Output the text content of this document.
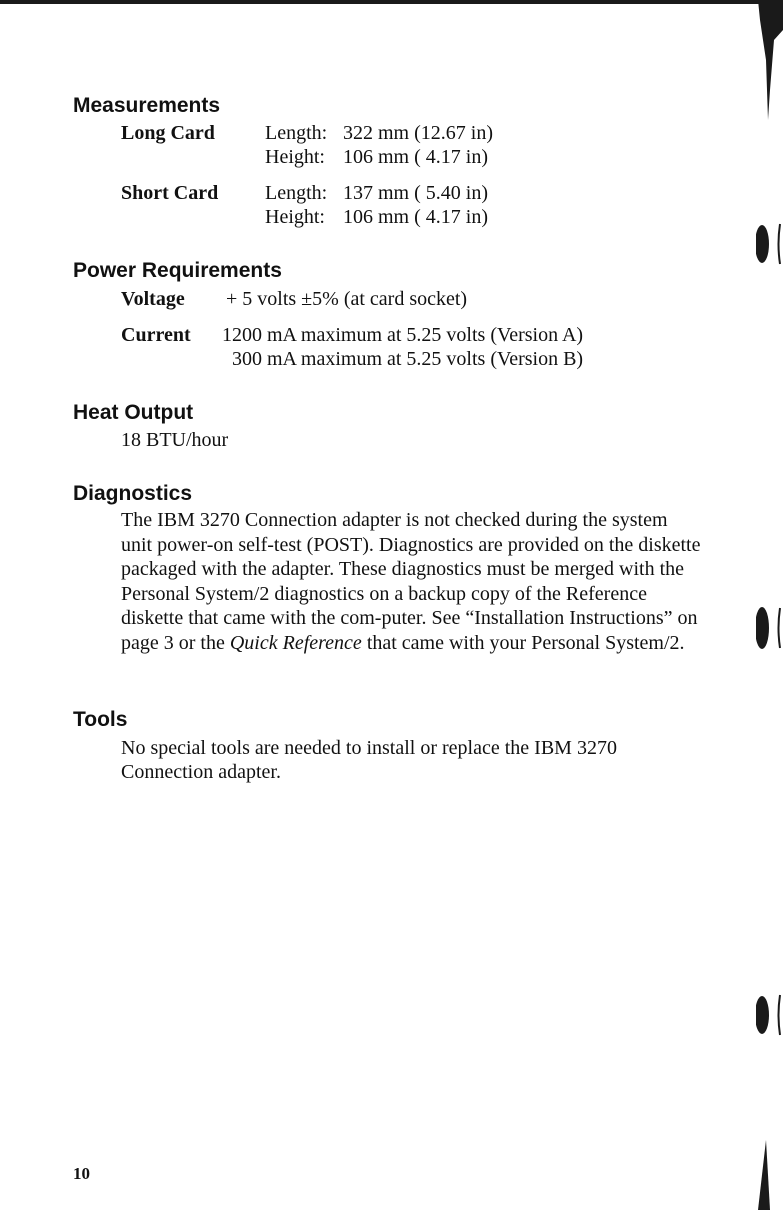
Measurements
Long Card	Length: 322 mm (12.67 in)
Height: 106 mm ( 4.17 in)
Short Card Length: 137 mm ( 5.40 in)
Height: 106 mm ( 4.17 in)
Power Requirements
Voltage + 5 volts ±5% (at card socket)
Current 1200 mA maximum at 5.25 volts (Version A)
300 mA maximum at 5.25 volts (Version B)
Heat Output
18 BTU/hour
Diagnostics

The IBM 3270 Connection adapter is not checked during the system unit power-on self-test (POST). Diagnostics are provided on the diskette packaged with the adapter. These diagnostics must be merged with the Personal System/2 diagnostics on a backup copy of the Reference diskette that came with the com-puter. See “Installation Instructions” on page 3 or the Quick Reference that came with your Personal System/2.

Tools
No special tools are needed to install or replace the IBM 3270
Connection adapter.
10
